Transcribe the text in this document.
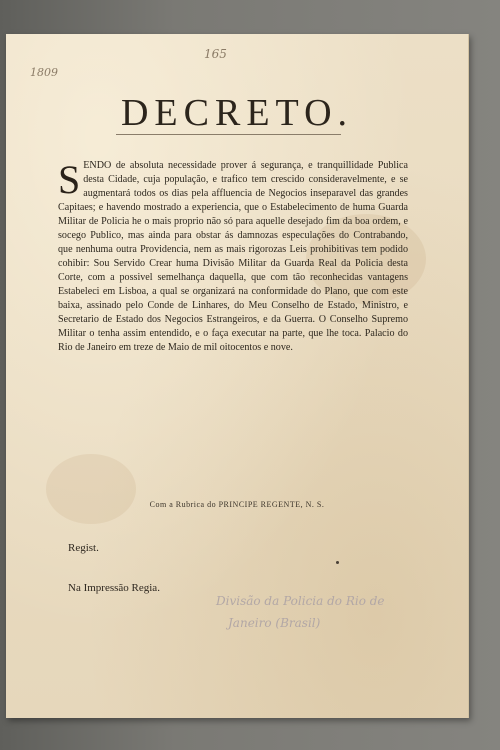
1809
165
DECRETO.
SENDO de absoluta necessidade prover á segurança, e tranquillidade Publica desta Cidade, cuja população, e trafico tem crescido consideravelmente, e se augmentará todos os dias pela affluencia de Negocios inseparavel das grandes Capitaes; e havendo mostrado a experiencia, que o Estabelecimento de huma Guarda Militar de Policia he o mais proprio não só para aquelle desejado fim da boa ordem, e socego Publico, mas ainda para obstar ás damnozas especulações do Contrabando, que nenhuma outra Providencia, nem as mais rigorozas Leis prohibitivas tem podido cohibir: Sou Servido Crear huma Divisão Militar da Guarda Real da Policia desta Corte, com a possivel semelhança daquella, que com tão reconhecidas vantagens Estabeleci em Lisboa, a qual se organizará na conformidade do Plano, que com este baixa, assinado pelo Conde de Linhares, do Meu Conselho de Estado, Ministro, e Secretario de Estado dos Negocios Estrangeiros, e da Guerra. O Conselho Supremo Militar o tenha assim entendido, e o faça executar na parte, que lhe toca. Palacio do Rio de Janeiro em treze de Maio de mil oitocentos e nove.
Com a Rubrica do PRINCIPE REGENTE, N. S.
Regist.
Na Impressão Regia.
Divisão da Policia do Rio de
Janeiro (Brasil)
